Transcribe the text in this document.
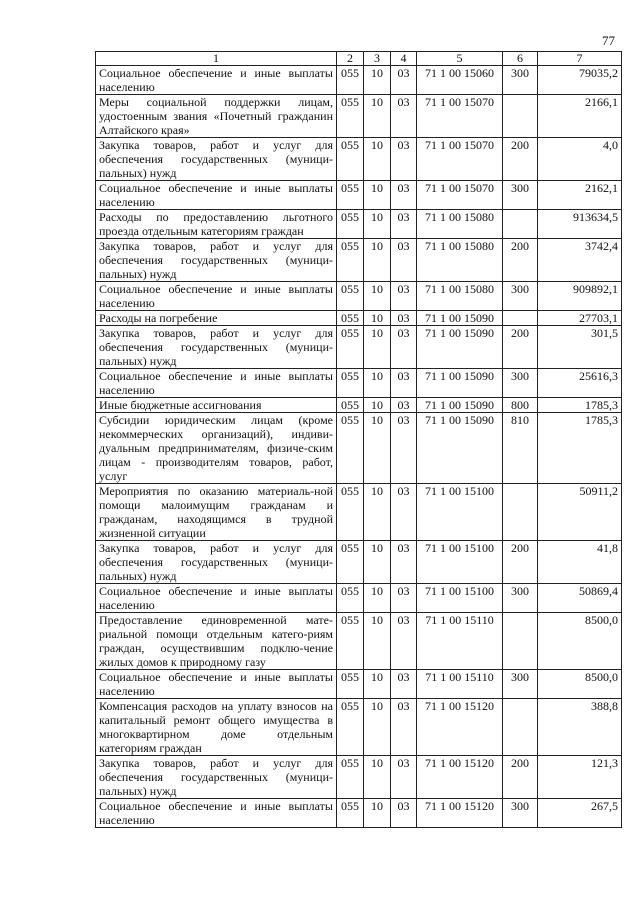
77
1	2	3	4	5	6	7
Социальное обеспечение и иные выплаты населению	055	10	03	71 1 00 15060	300	79035,2
Меры социальной поддержки лицам, удостоенным звания «Почетный гражданин Алтайского края»	055	10	03	71 1 00 15070		2166,1
Закупка товаров, работ и услуг для обеспечения государственных (муници-пальных) нужд	055	10	03	71 1 00 15070	200	4,0
Социальное обеспечение и иные выплаты населению	055	10	03	71 1 00 15070	300	2162,1
Расходы по предоставлению льготного проезда отдельным категориям граждан	055	10	03	71 1 00 15080		913634,5
Закупка товаров, работ и услуг для обеспечения государственных (муници-пальных) нужд	055	10	03	71 1 00 15080	200	3742,4
Социальное обеспечение и иные выплаты населению	055	10	03	71 1 00 15080	300	909892,1
Расходы на погребение	055	10	03	71 1 00 15090		27703,1
Закупка товаров, работ и услуг для обеспечения государственных (муници-пальных) нужд	055	10	03	71 1 00 15090	200	301,5
Социальное обеспечение и иные выплаты населению	055	10	03	71 1 00 15090	300	25616,3
Иные бюджетные ассигнования	055	10	03	71 1 00 15090	800	1785,3
Субсидии юридическим лицам (кроме некоммерческих организаций), индиви-дуальным предпринимателям, физиче-ским лицам - производителям товаров, работ, услуг	055	10	03	71 1 00 15090	810	1785,3
Мероприятия по оказанию материаль-ной помощи малоимущим гражданам и гражданам, находящимся в трудной жизненной ситуации	055	10	03	71 1 00 15100		50911,2
Закупка товаров, работ и услуг для обеспечения государственных (муници-пальных) нужд	055	10	03	71 1 00 15100	200	41,8
Социальное обеспечение и иные выплаты населению	055	10	03	71 1 00 15100	300	50869,4
Предоставление единовременной мате-риальной помощи отдельным катего-риям граждан, осуществившим подклю-чение жилых домов к природному газу	055	10	03	71 1 00 15110		8500,0
Социальное обеспечение и иные выплаты населению	055	10	03	71 1 00 15110	300	8500,0
Компенсация расходов на уплату взносов на капитальный ремонт общего имущества в многоквартирном доме отдельным категориям граждан	055	10	03	71 1 00 15120		388,8
Закупка товаров, работ и услуг для обеспечения государственных (муници-пальных) нужд	055	10	03	71 1 00 15120	200	121,3
Социальное обеспечение и иные выплаты населению	055	10	03	71 1 00 15120	300	267,5
